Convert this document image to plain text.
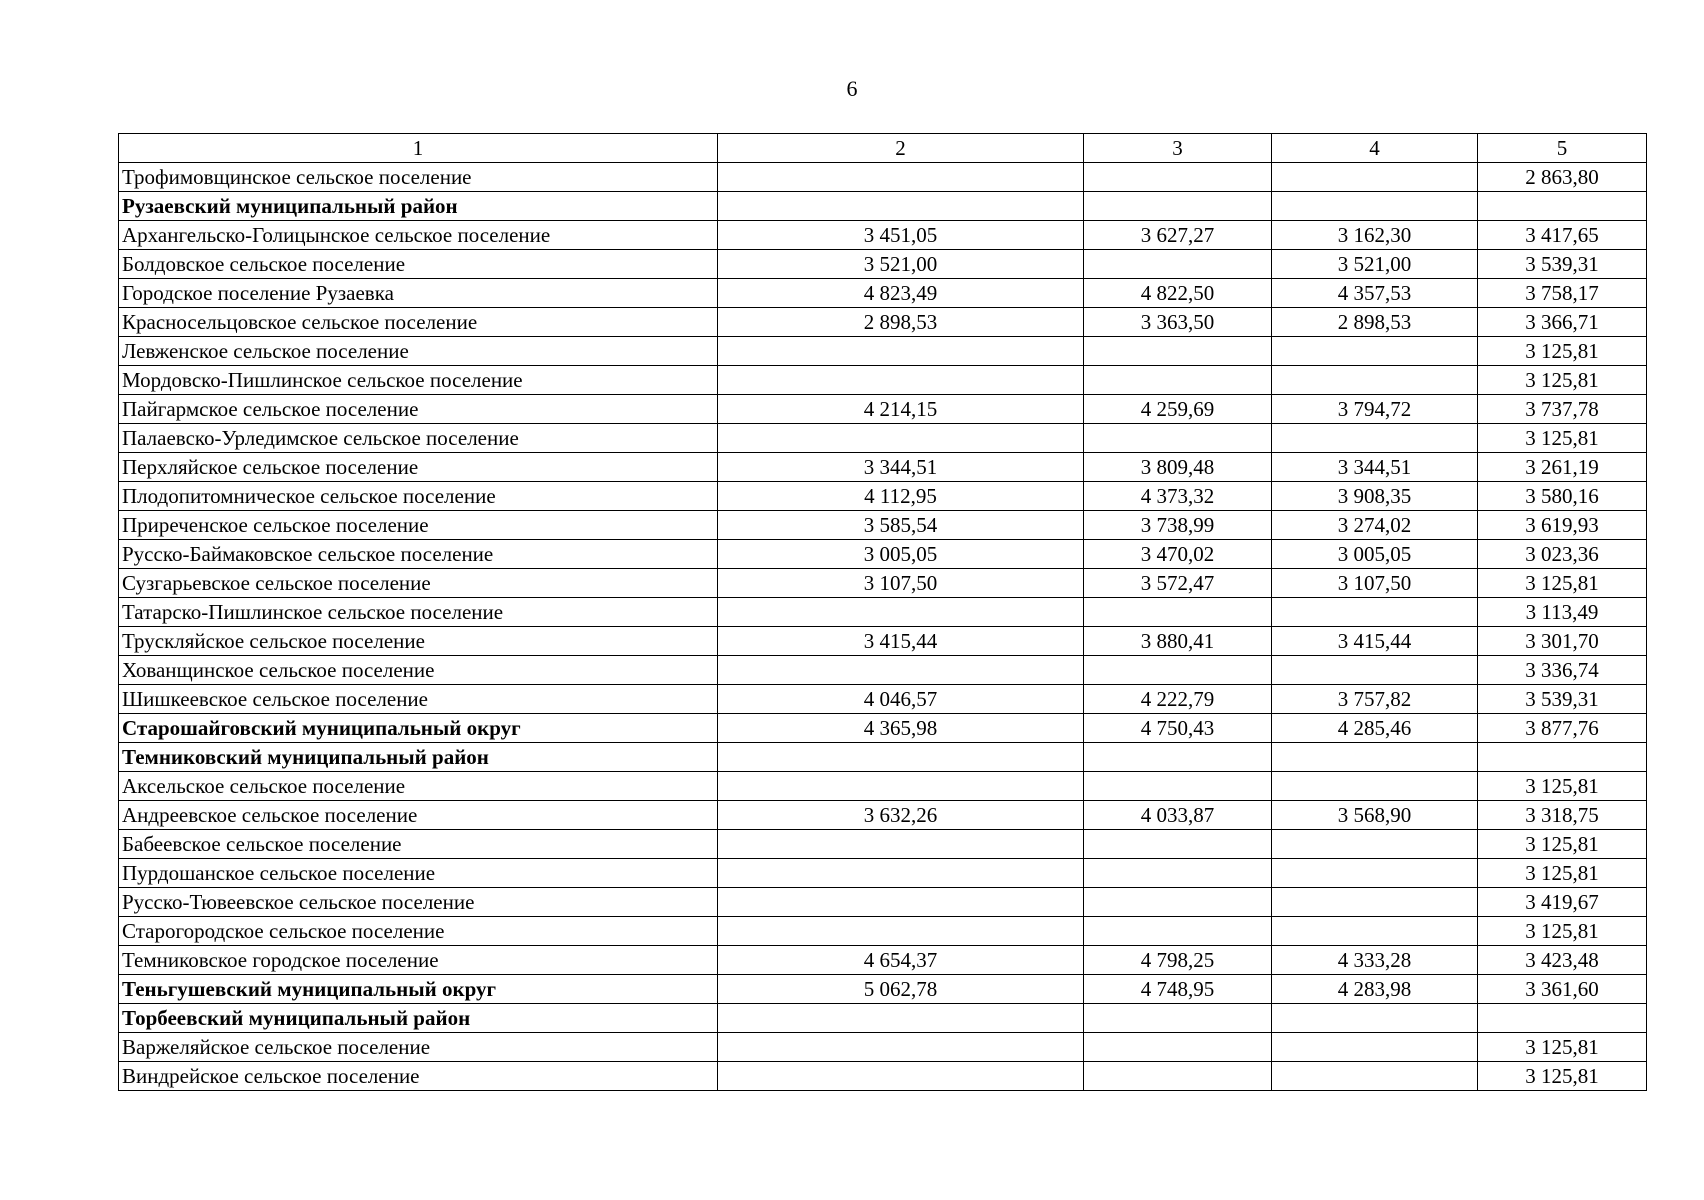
6
1	2	3	4	5
Трофимовщинское сельское поселение				2 863,80
Рузаевский муниципальный район				
Архангельско-Голицынское сельское поселение	3 451,05	3 627,27	3 162,30	3 417,65
Болдовское сельское поселение	3 521,00		3 521,00	3 539,31
Городское поселение Рузаевка	4 823,49	4 822,50	4 357,53	3 758,17
Красносельцовское сельское поселение	2 898,53	3 363,50	2 898,53	3 366,71
Левженское сельское поселение				3 125,81
Мордовско-Пишлинское сельское поселение				3 125,81
Пайгармское сельское поселение	4 214,15	4 259,69	3 794,72	3 737,78
Палаевско-Урледимское сельское поселение				3 125,81
Перхляйское сельское поселение	3 344,51	3 809,48	3 344,51	3 261,19
Плодопитомническое сельское поселение	4 112,95	4 373,32	3 908,35	3 580,16
Приреченское сельское поселение	3 585,54	3 738,99	3 274,02	3 619,93
Русско-Баймаковское сельское поселение	3 005,05	3 470,02	3 005,05	3 023,36
Сузгарьевское сельское поселение	3 107,50	3 572,47	3 107,50	3 125,81
Татарско-Пишлинское сельское поселение				3 113,49
Трускляйское сельское поселение	3 415,44	3 880,41	3 415,44	3 301,70
Хованщинское сельское поселение				3 336,74
Шишкеевское сельское поселение	4 046,57	4 222,79	3 757,82	3 539,31
Старошайговский муниципальный округ	4 365,98	4 750,43	4 285,46	3 877,76
Темниковский муниципальный район				
Аксельское сельское поселение				3 125,81
Андреевское сельское поселение	3 632,26	4 033,87	3 568,90	3 318,75
Бабеевское сельское поселение				3 125,81
Пурдошанское сельское поселение				3 125,81
Русско-Тювеевское сельское поселение				3 419,67
Старогородское сельское поселение				3 125,81
Темниковское городское поселение	4 654,37	4 798,25	4 333,28	3 423,48
Теньгушевский муниципальный округ	5 062,78	4 748,95	4 283,98	3 361,60
Торбеевский муниципальный район				
Варжеляйское сельское поселение				3 125,81
Виндрейское сельское поселение				3 125,81
